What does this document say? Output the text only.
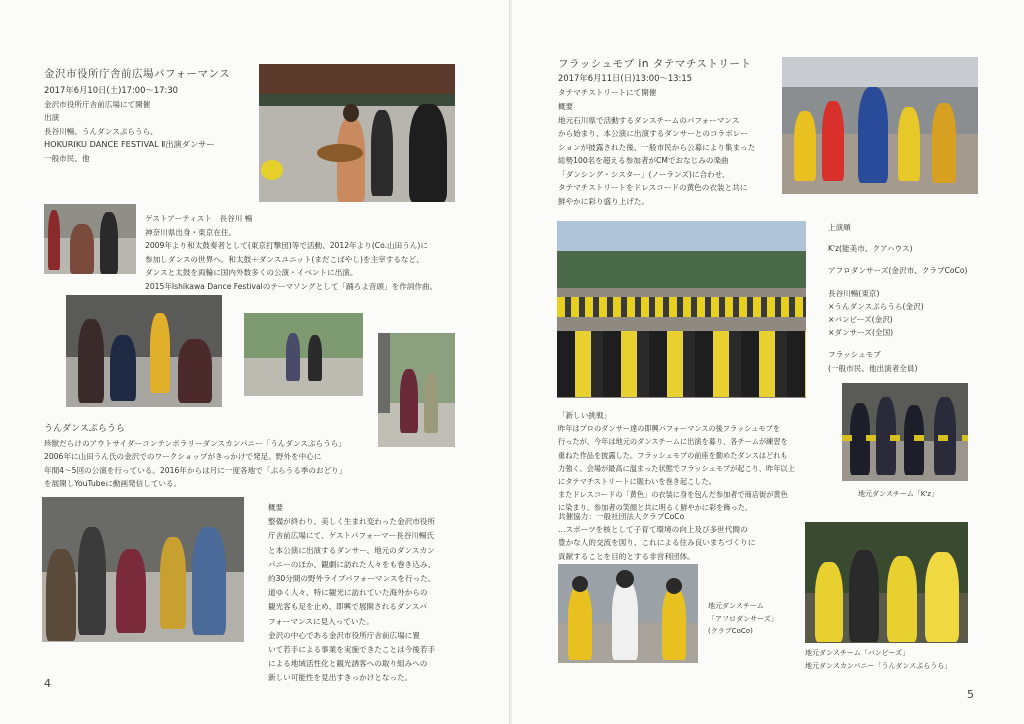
金沢市役所庁舎前広場パフォーマンス
2017年6月10日(土)17:00～17:30
金沢市役所庁舎前広場にて開催
出演
長谷川暢、うんダンスぷらうら、
HOKURIKU DANCE FESTIVAL Ⅱ出演ダンサー
一般市民、他
ゲストアーティスト　長谷川 暢
神奈川県出身・東京在住。
2009年より和太鼓奏者として(東京打撃団)等で活動、2012年より(Co.山田うん)に
参加しダンスの世界へ。和太鼓＋ダンスユニット(まだこぱやし)を主宰するなど、
ダンスと太鼓を両輪に国内外数多くの公演・イベントに出演。
2015年Ishikawa Dance Festivalのテーマソングとして「踊ろよ音頭」を作詞作曲。
うんダンスぷらうら
珍獣だらけのアウトサイダーコンテンポラリーダンスカンパニー「うんダンスぷらうら」
2006年に山田うん氏の金沢でのワークショップがきっかけで発足。野外を中心に
年間4～5回の公演を行っている。2016年からは月に一度各地で「ぷらうる季のおどり」
を展開しYouTubeに動画発信している。
概要
整備が終わり、美しく生まれ変わった金沢市役所
庁舎前広場にて、ゲストパフォーマー長谷川暢氏
と本公演に出演するダンサー、地元のダンスカン
パニーのほか、観劇に訪れた人々をも巻き込み、
約30分間の野外ライブパフォーマンスを行った。
道ゆく人々、特に観光に訪れていた海外からの
観光客も足を止め、即興で展開されるダンスパ
フォーマンスに見入っていた。
金沢の中心である金沢市役所庁舎前広場に置
いて若手による事業を実施できたことは今後若手
による地域活性化と観光誘客への取り組みへの
新しい可能性を見出すきっかけとなった。
4
フラッシュモブ in タテマチストリート
2017年6月11日(日)13:00～13:15
タテマチストリートにて開催
概要
地元石川県で活動するダンスチームのパフォーマンス
から始まり、本公演に出演するダンサーとのコラボレー
ションが披露された後、一般市民から公募により集まった
総勢100名を超える参加者がCMでおなじみの楽曲
「ダンシング・シスター」(ノーランズ)に合わせ、
タテマチストリートをドレスコードの黄色の衣装と共に
鮮やかに彩り盛り上げた。
上演順
K'z(能美市、クアハウス)
アフロダンサーズ(金沢市、クラブCoCo)
長谷川暢(東京)
×うんダンスぷらうら(金沢)
×バンビーズ(金沢)
×ダンサーズ(全国)
フラッシュモブ
(一般市民、他出演者全員)
地元ダンスチーム「K'z」
「新しい挑戦」
昨年はプロのダンサー達の即興パフォーマンスの後フラッシュモブを
行ったが、今年は地元のダンスチームに出演を募り、各チームが練習を
重ねた作品を披露した。フラッシュモブの前座を勤めたダンスはどれも
力強く、会場が最高に温まった状態でフラッシュモブが起こり、昨年以上
にタテマチストリートに賑わいを巻き起こした。
またドレスコードの「黄色」の衣装に身を包んだ参加者で商店街が黄色
に染まり、参加者の笑顔と共に明るく鮮やかに彩を飾った。
共催協力：一般社団法人クラブCoCo
…スポーツを核として子育て環境の向上及び多世代間の
豊かな人的交流を図り、これによる住み良いまちづくりに
貢献することを目的とする非営利団体。
地元ダンスチーム
「アフロダンサーズ」
(クラブCoCo)
地元ダンスチーム「バンビーズ」
地元ダンスカンパニー「うんダンスぷらうら」
5
